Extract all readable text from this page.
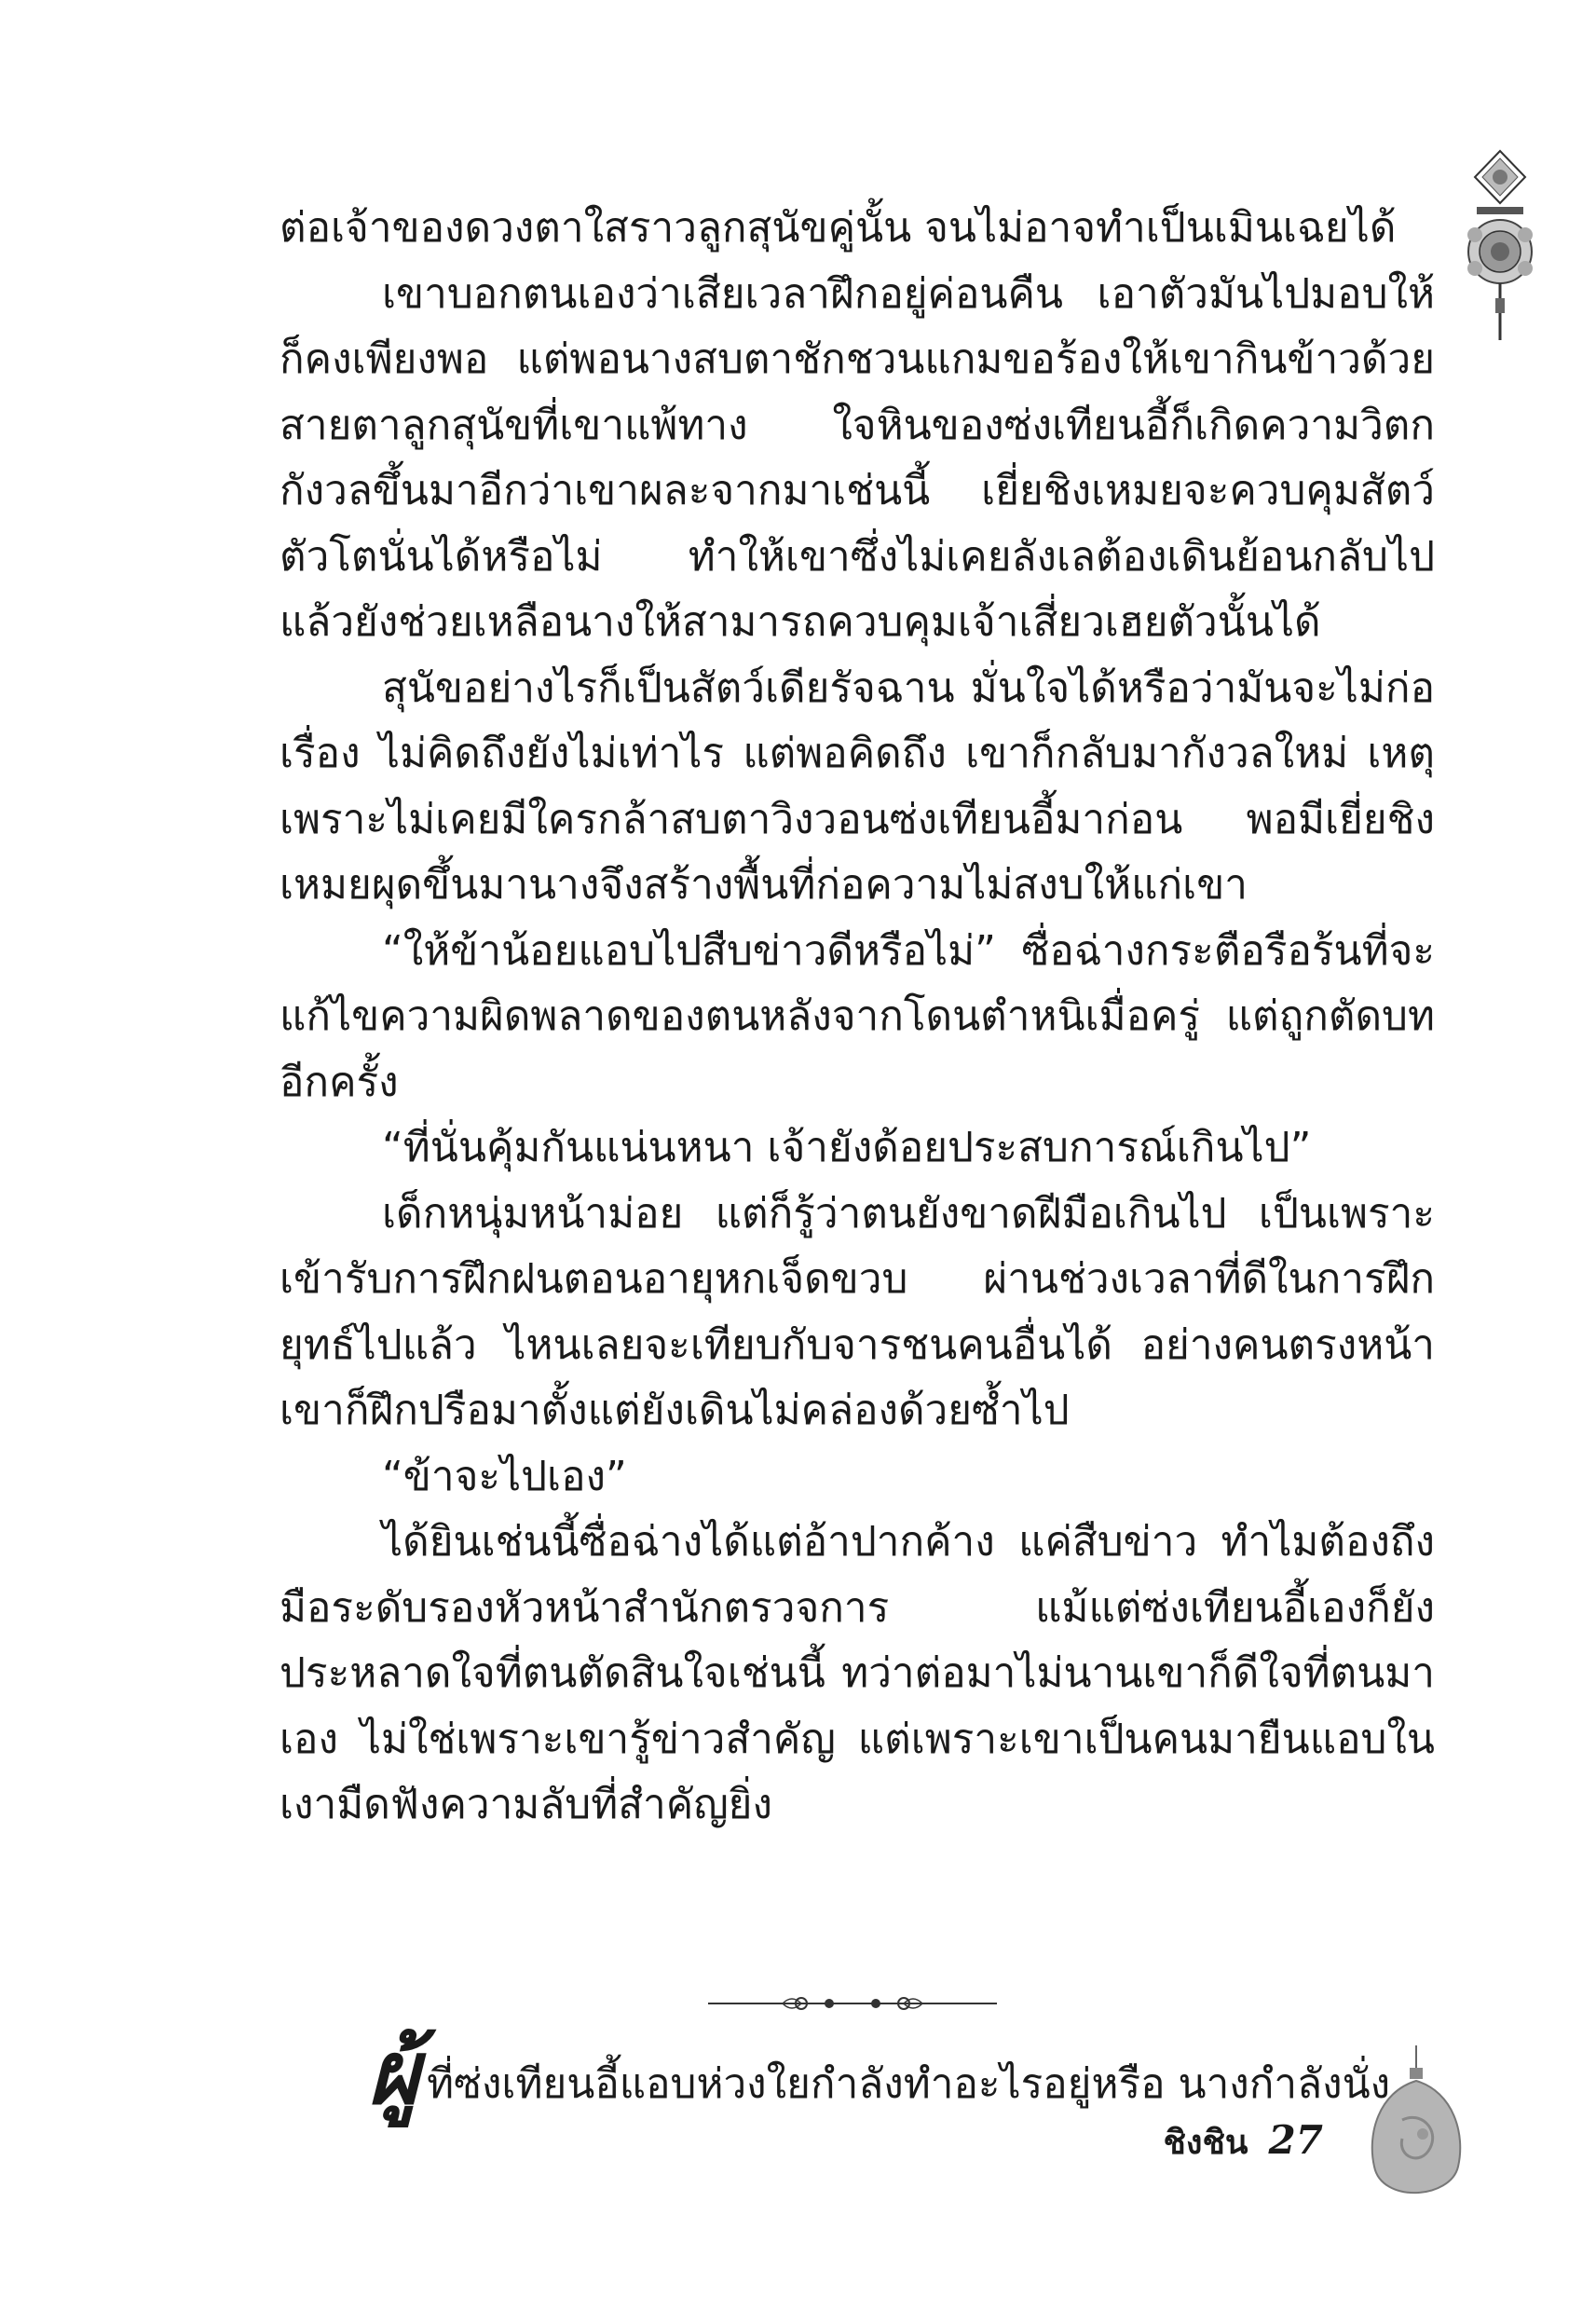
ต่อเจ้าของดวงตาใสราวลูกสุนัขคู่นั้น จนไม่อาจทำเป็นเมินเฉยได้

เขาบอกตนเองว่าเสียเวลาฝึกอยู่ค่อนคืน เอาตัวมันไปมอบให้ก็คงเพียงพอ แต่พอนางสบตาชักชวนแกมขอร้องให้เขากินข้าวด้วยสายตาลูกสุนัขที่เขาแพ้ทาง ใจหินของซ่งเทียนอี้ก็เกิดความวิตกกังวลขึ้นมาอีกว่าเขาผละจากมาเช่นนี้ เยี่ยชิงเหมยจะควบคุมสัตว์ตัวโตนั่นได้หรือไม่ ทำให้เขาซึ่งไม่เคยลังเลต้องเดินย้อนกลับไป แล้วยังช่วยเหลือนางให้สามารถควบคุมเจ้าเสี่ยวเฮยตัวนั้นได้

สุนัขอย่างไรก็เป็นสัตว์เดียรัจฉาน มั่นใจได้หรือว่ามันจะไม่ก่อเรื่อง ไม่คิดถึงยังไม่เท่าไร แต่พอคิดถึง เขาก็กลับมากังวลใหม่ เหตุเพราะไม่เคยมีใครกล้าสบตาวิงวอนซ่งเทียนอี้มาก่อน พอมีเยี่ยชิงเหมยผุดขึ้นมานางจึงสร้างพื้นที่ก่อความไม่สงบให้แก่เขา

“ให้ข้าน้อยแอบไปสืบข่าวดีหรือไม่” ซื่อฉ่างกระตือรือร้นที่จะแก้ไขความผิดพลาดของตนหลังจากโดนตำหนิเมื่อครู่ แต่ถูกตัดบทอีกครั้ง

“ที่นั่นคุ้มกันแน่นหนา เจ้ายังด้อยประสบการณ์เกินไป”

เด็กหนุ่มหน้าม่อย แต่ก็รู้ว่าตนยังขาดฝีมือเกินไป เป็นเพราะเข้ารับการฝึกฝนตอนอายุหกเจ็ดขวบ ผ่านช่วงเวลาที่ดีในการฝึกยุทธ์ไปแล้ว ไหนเลยจะเทียบกับจารชนคนอื่นได้ อย่างคนตรงหน้าเขาก็ฝึกปรือมาตั้งแต่ยังเดินไม่คล่องด้วยซ้ำไป

“ข้าจะไปเอง”

ได้ยินเช่นนี้ซื่อฉ่างได้แต่อ้าปากค้าง แค่สืบข่าว ทำไมต้องถึงมือระดับรองหัวหน้าสำนักตรวจการ แม้แต่ซ่งเทียนอี้เองก็ยังประหลาดใจที่ตนตัดสินใจเช่นนี้ ทว่าต่อมาไม่นานเขาก็ดีใจที่ตนมาเอง ไม่ใช่เพราะเขารู้ข่าวสำคัญ แต่เพราะเขาเป็นคนมายืนแอบในเงามืดฟังความลับที่สำคัญยิ่ง

ผู้ที่ซ่งเทียนอี้แอบห่วงใยกำลังทำอะไรอยู่หรือ นางกำลังนั่ง
ชิงชิน 27
